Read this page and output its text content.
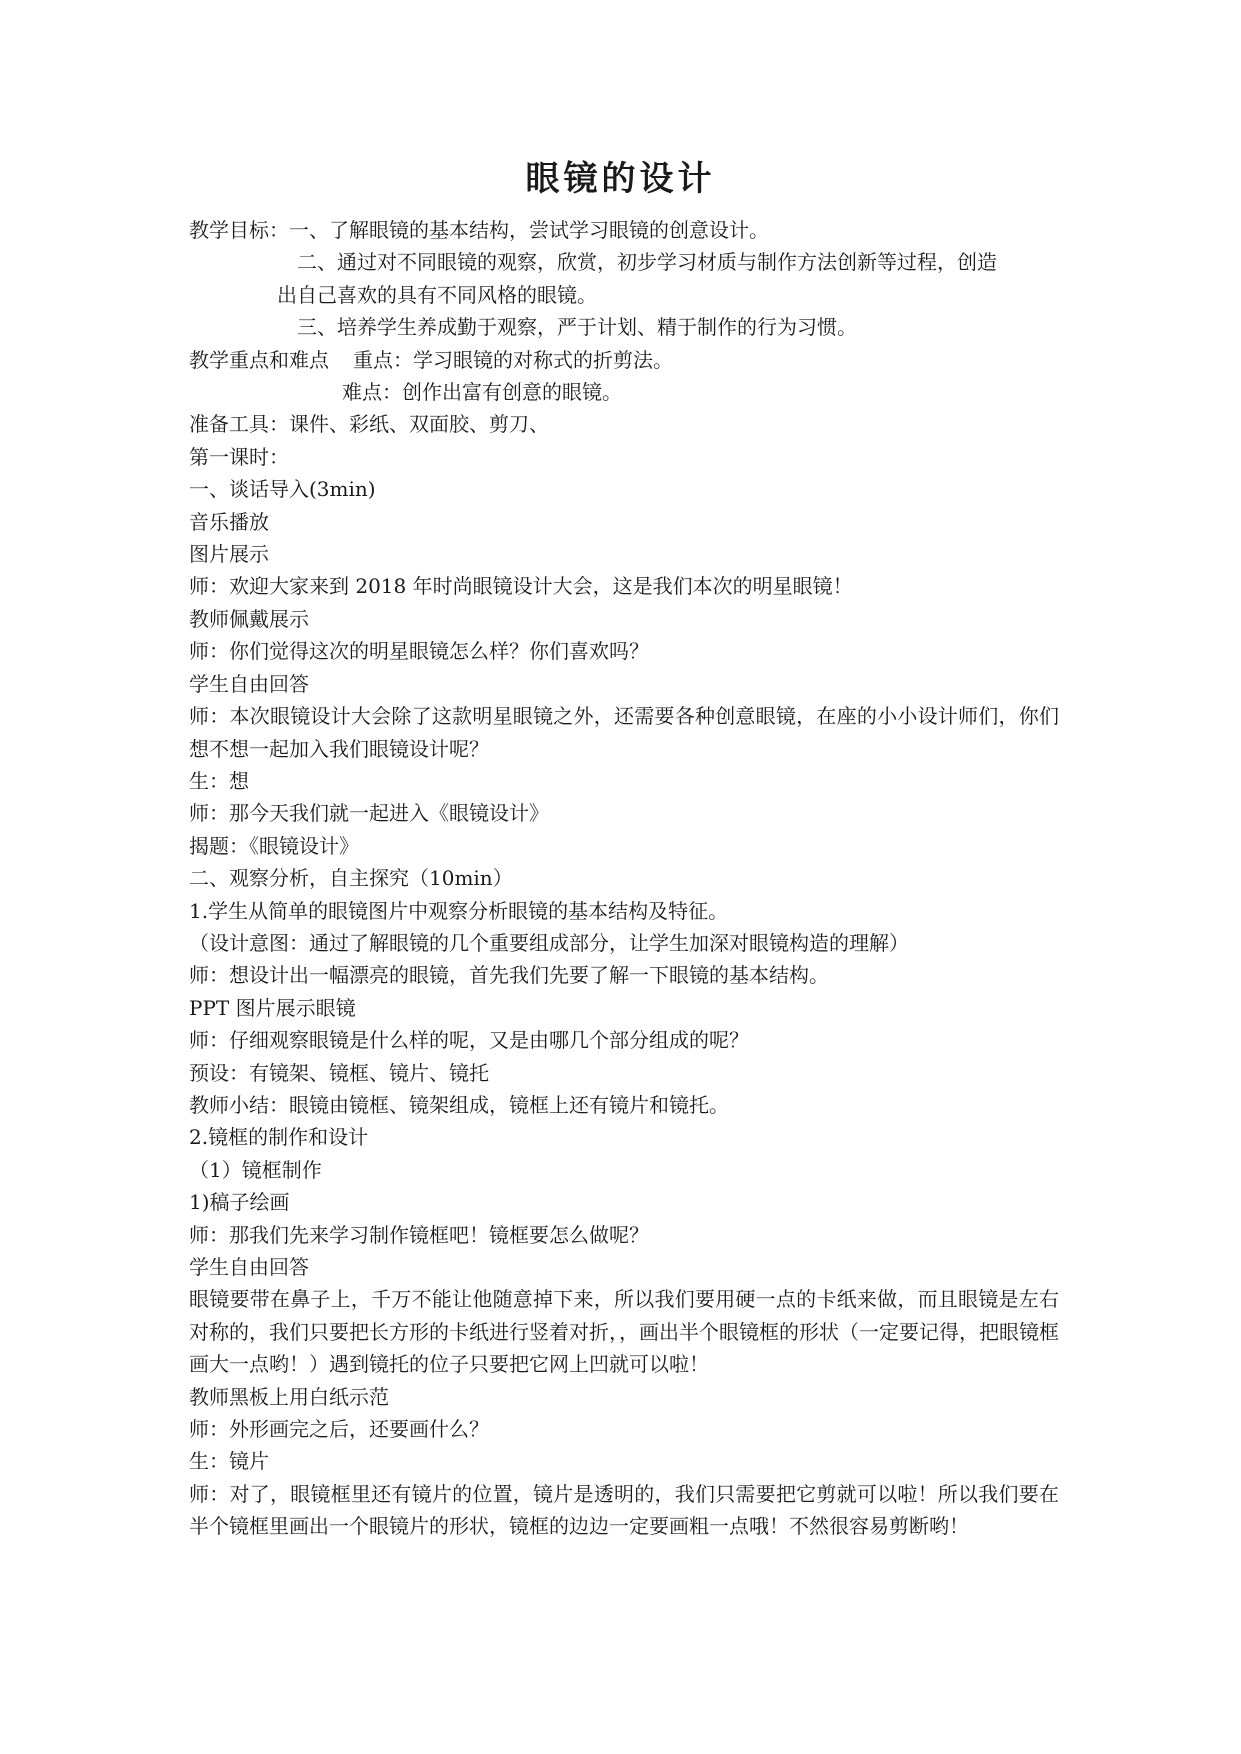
眼镜的设计
教学目标：一、了解眼镜的基本结构，尝试学习眼镜的创意设计。
二、通过对不同眼镜的观察，欣赏，初步学习材质与制作方法创新等过程，创造
出自己喜欢的具有不同风格的眼镜。
三、培养学生养成勤于观察，严于计划、精于制作的行为习惯。
教学重点和难点 重点：学习眼镜的对称式的折剪法。
难点：创作出富有创意的眼镜。
准备工具：课件、彩纸、双面胶、剪刀、
第一课时：
一、谈话导入(3min)
音乐播放
图片展示
师：欢迎大家来到 2018 年时尚眼镜设计大会，这是我们本次的明星眼镜！
教师佩戴展示
师：你们觉得这次的明星眼镜怎么样？你们喜欢吗？
学生自由回答
师：本次眼镜设计大会除了这款明星眼镜之外，还需要各种创意眼镜，在座的小小设计师们，你们想不想一起加入我们眼镜设计呢？
生：想
师：那今天我们就一起进入《眼镜设计》
揭题：《眼镜设计》
二、观察分析，自主探究（10min）
1.学生从简单的眼镜图片中观察分析眼镜的基本结构及特征。
（设计意图：通过了解眼镜的几个重要组成部分，让学生加深对眼镜构造的理解）
师：想设计出一幅漂亮的眼镜，首先我们先要了解一下眼镜的基本结构。
PPT 图片展示眼镜
师：仔细观察眼镜是什么样的呢，又是由哪几个部分组成的呢？
预设：有镜架、镜框、镜片、镜托
教师小结：眼镜由镜框、镜架组成，镜框上还有镜片和镜托。
2.镜框的制作和设计
（1）镜框制作
1)稿子绘画
师：那我们先来学习制作镜框吧！镜框要怎么做呢？
学生自由回答
眼镜要带在鼻子上，千万不能让他随意掉下来，所以我们要用硬一点的卡纸来做，而且眼镜是左右对称的，我们只要把长方形的卡纸进行竖着对折，，画出半个眼镜框的形状（一定要记得，把眼镜框画大一点哟！）遇到镜托的位子只要把它网上凹就可以啦！
教师黑板上用白纸示范
师：外形画完之后，还要画什么？
生：镜片
师：对了，眼镜框里还有镜片的位置，镜片是透明的，我们只需要把它剪就可以啦！所以我们要在半个镜框里画出一个眼镜片的形状，镜框的边边一定要画粗一点哦！不然很容易剪断哟！
